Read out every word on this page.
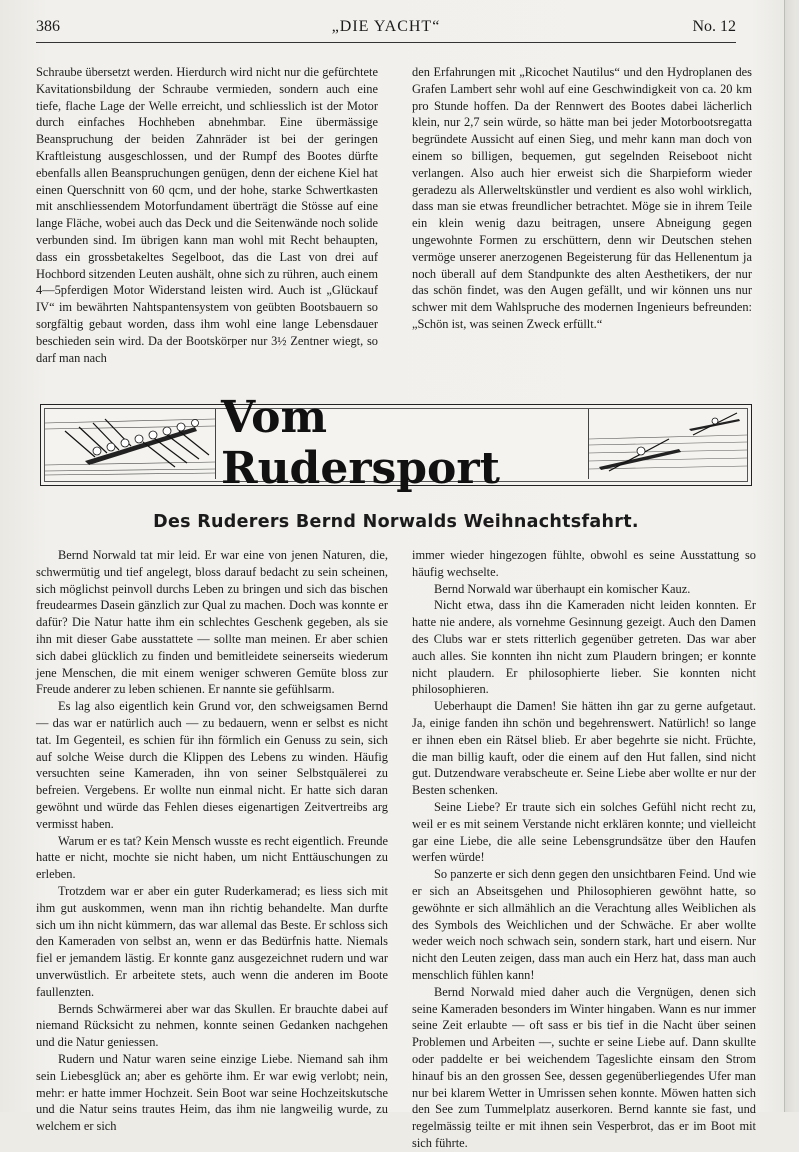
386	„DIE YACHT“	No. 12

Schraube übersetzt werden. Hierdurch wird nicht nur die gefürchtete Kavitationsbildung der Schraube vermieden, sondern auch eine tiefe, flache Lage der Welle erreicht, und schliesslich ist der Motor durch einfaches Hochheben abnehmbar. Eine übermässige Beanspruchung der beiden Zahnräder ist bei der geringen Kraftleistung ausgeschlossen, und der Rumpf des Bootes dürfte ebenfalls allen Beanspruchungen genügen, denn der eichene Kiel hat einen Querschnitt von 60 qcm, und der hohe, starke Schwertkasten mit anschliessendem Motorfundament überträgt die Stösse auf eine lange Fläche, wobei auch das Deck und die Seitenwände noch solide verbunden sind. Im übrigen kann man wohl mit Recht behaupten, dass ein grossbetakeltes Segelboot, das die Last von drei auf Hochbord sitzenden Leuten aushält, ohne sich zu rühren, auch einem 4—5pferdigen Motor Widerstand leisten wird. Auch ist „Glückauf IV“ im bewährten Nahtspantensystem von geübten Bootsbauern so sorgfältig gebaut worden, dass ihm wohl eine lange Lebensdauer beschieden sein wird. Da der Bootskörper nur 3½ Zentner wiegt, so darf man nach

den Erfahrungen mit „Ricochet Nautilus“ und den Hydroplanen des Grafen Lambert sehr wohl auf eine Geschwindigkeit von ca. 20 km pro Stunde hoffen. Da der Rennwert des Bootes dabei lächerlich klein, nur 2,7 sein würde, so hätte man bei jeder Motorbootsregatta begründete Aussicht auf einen Sieg, und mehr kann man doch von einem so billigen, bequemen, gut segelnden Reiseboot nicht verlangen. Also auch hier erweist sich die Sharpieform wieder geradezu als Allerweltskünstler und verdient es also wohl wirklich, dass man sie etwas freundlicher betrachtet. Möge sie in ihrem Teile ein klein wenig dazu beitragen, unsere Abneigung gegen ungewohnte Formen zu erschüttern, denn wir Deutschen stehen vermöge unserer anerzogenen Begeisterung für das Hellenentum ja noch überall auf dem Standpunkte des alten Aesthetikers, der nur das schön findet, was den Augen gefällt, und wir können uns nur schwer mit dem Wahlspruche des modernen Ingenieurs befreunden: „Schön ist, was seinen Zweck erfüllt.“

Vom Rudersport
Des Ruderers Bernd Norwalds Weihnachtsfahrt.

Bernd Norwald tat mir leid. Er war eine von jenen Naturen, die, schwermütig und tief angelegt, bloss darauf bedacht zu sein scheinen, sich möglichst peinvoll durchs Leben zu bringen und sich das bischen freudearmes Dasein gänzlich zur Qual zu machen. Doch was konnte er dafür? Die Natur hatte ihm ein schlechtes Geschenk gegeben, als sie ihn mit dieser Gabe ausstattete — sollte man meinen. Er aber schien sich dabei glücklich zu finden und bemitleidete seinerseits wiederum jene Menschen, die mit einem weniger schweren Gemüte bloss zur Freude anderer zu leben schienen. Er nannte sie gefühlsarm.

Es lag also eigentlich kein Grund vor, den schweigsamen Bernd — das war er natürlich auch — zu bedauern, wenn er selbst es nicht tat. Im Gegenteil, es schien für ihn förmlich ein Genuss zu sein, sich auf solche Weise durch die Klippen des Lebens zu winden. Häufig versuchten seine Kameraden, ihn von seiner Selbstquälerei zu befreien. Vergebens. Er wollte nun einmal nicht. Er hatte sich daran gewöhnt und würde das Fehlen dieses eigenartigen Zeitvertreibs arg vermisst haben.

Warum er es tat? Kein Mensch wusste es recht eigentlich. Freunde hatte er nicht, mochte sie nicht haben, um nicht Enttäuschungen zu erleben.

Trotzdem war er aber ein guter Ruderkamerad; es liess sich mit ihm gut auskommen, wenn man ihn richtig behandelte. Man durfte sich um ihn nicht kümmern, das war allemal das Beste. Er schloss sich den Kameraden von selbst an, wenn er das Bedürfnis hatte. Niemals fiel er jemandem lästig. Er konnte ganz ausgezeichnet rudern und war unverwüstlich. Er arbeitete stets, auch wenn die anderen im Boote faullenzten.

Bernds Schwärmerei aber war das Skullen. Er brauchte dabei auf niemand Rücksicht zu nehmen, konnte seinen Gedanken nachgehen und die Natur geniessen.

Rudern und Natur waren seine einzige Liebe. Niemand sah ihm sein Liebesglück an; aber es gehörte ihm. Er war ewig verlobt; nein, mehr: er hatte immer Hochzeit. Sein Boot war seine Hochzeitskutsche und die Natur seins trautes Heim, das ihm nie langweilig wurde, zu welchem er sich

immer wieder hingezogen fühlte, obwohl es seine Ausstattung so häufig wechselte.

Bernd Norwald war überhaupt ein komischer Kauz.

Nicht etwa, dass ihn die Kameraden nicht leiden konnten. Er hatte nie andere, als vornehme Gesinnung gezeigt. Auch den Damen des Clubs war er stets ritterlich gegenüber getreten. Das war aber auch alles. Sie konnten ihn nicht zum Plaudern bringen; er konnte nicht plaudern. Er philosophierte lieber. Sie konnten nicht philosophieren.

Ueberhaupt die Damen! Sie hätten ihn gar zu gerne aufgetaut. Ja, einige fanden ihn schön und begehrenswert. Natürlich! so lange er ihnen eben ein Rätsel blieb. Er aber begehrte sie nicht. Früchte, die man billig kauft, oder die einem auf den Hut fallen, sind nicht gut. Dutzendware verabscheute er. Seine Liebe aber wollte er nur der Besten schenken.

Seine Liebe? Er traute sich ein solches Gefühl nicht recht zu, weil er es mit seinem Verstande nicht erklären konnte; und vielleicht gar eine Liebe, die alle seine Lebensgrundsätze über den Haufen werfen würde!

So panzerte er sich denn gegen den unsichtbaren Feind. Und wie er sich an Abseitsgehen und Philosophieren gewöhnt hatte, so gewöhnte er sich allmählich an die Verachtung alles Weiblichen als des Symbols des Weichlichen und der Schwäche. Er aber wollte weder weich noch schwach sein, sondern stark, hart und eisern. Nur nicht den Leuten zeigen, dass man auch ein Herz hat, dass man auch menschlich fühlen kann!

Bernd Norwald mied daher auch die Vergnügen, denen sich seine Kameraden besonders im Winter hingaben. Wann es nur immer seine Zeit erlaubte — oft sass er bis tief in die Nacht über seinen Problemen und Arbeiten —, suchte er seine Liebe auf. Dann skullte oder paddelte er bei weichendem Tageslichte einsam den Strom hinauf bis an den grossen See, dessen gegenüberliegendes Ufer man nur bei klarem Wetter in Umrissen sehen konnte. Möwen hatten sich den See zum Tummelplatz auserkoren. Bernd kannte sie fast, und regelmässig teilte er mit ihnen sein Vesperbrot, das er im Boot mit sich führte.
